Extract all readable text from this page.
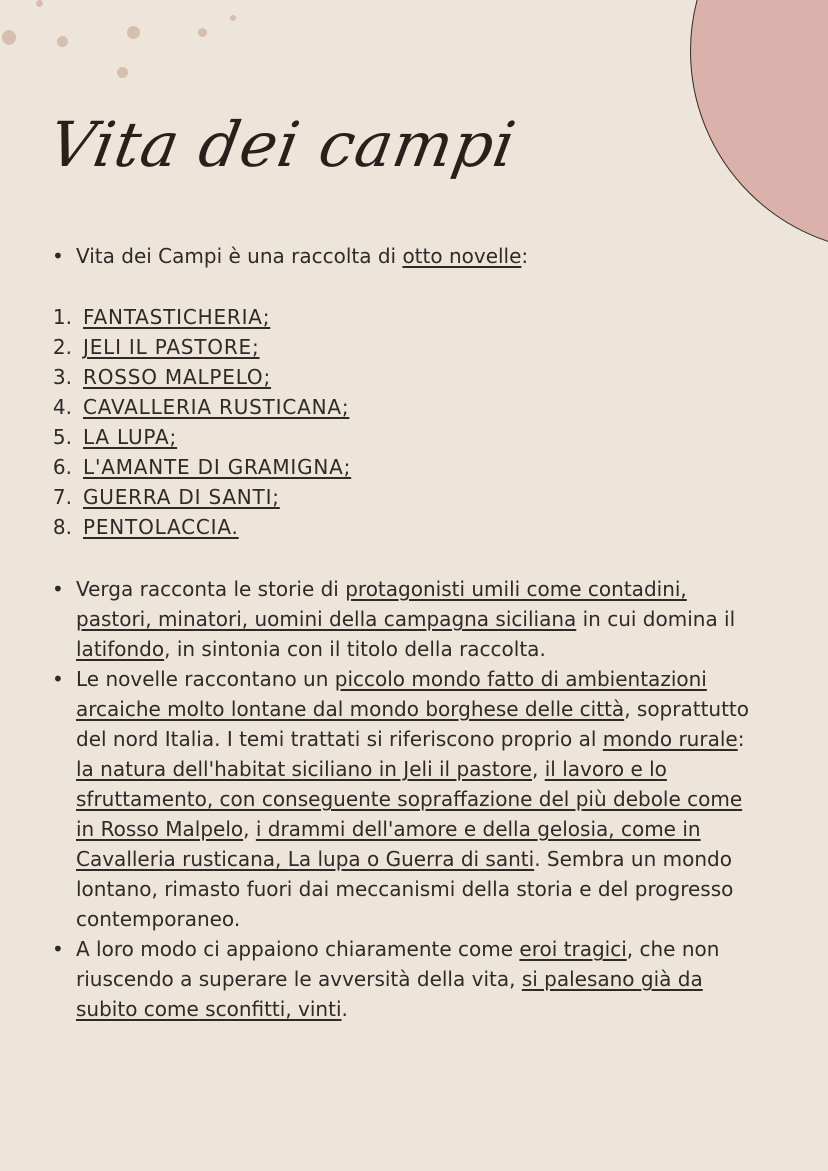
Vita dei campi
• Vita dei Campi è una raccolta di otto novelle:
1. FANTASTICHERIA;
2. JELI IL PASTORE;
3. ROSSO MALPELO;
4. CAVALLERIA RUSTICANA;
5. LA LUPA;
6. L'AMANTE DI GRAMIGNA;
7. GUERRA DI SANTI;
8. PENTOLACCIA.
• Verga racconta le storie di protagonisti umili come contadini,
pastori, minatori, uomini della campagna siciliana in cui domina il
latifondo, in sintonia con il titolo della raccolta.
• Le novelle raccontano un piccolo mondo fatto di ambientazioni
arcaiche molto lontane dal mondo borghese delle città, soprattutto
del nord Italia. I temi trattati si riferiscono proprio al mondo rurale:
la natura dell'habitat siciliano in Jeli il pastore, il lavoro e lo
sfruttamento, con conseguente sopraffazione del più debole come
in Rosso Malpelo, i drammi dell'amore e della gelosia, come in
Cavalleria rusticana, La lupa o Guerra di santi. Sembra un mondo
lontano, rimasto fuori dai meccanismi della storia e del progresso
contemporaneo.
• A loro modo ci appaiono chiaramente come eroi tragici, che non
riuscendo a superare le avversità della vita, si palesano già da
subito come sconfitti, vinti.
